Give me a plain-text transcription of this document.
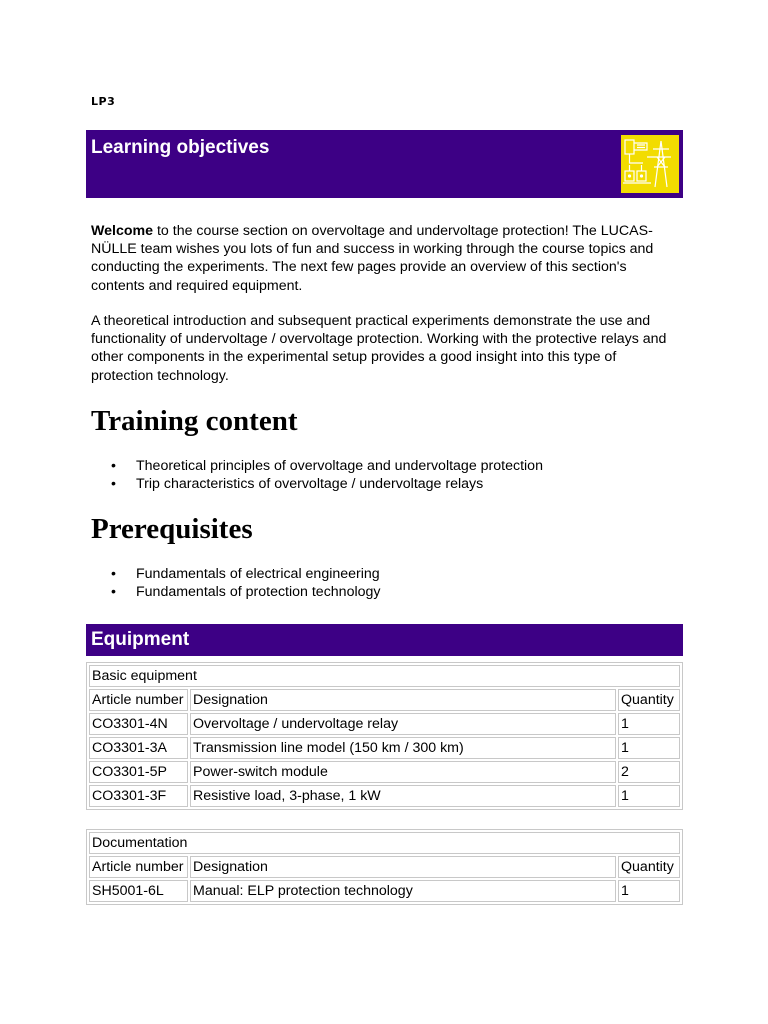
LP3
Learning objectives
Welcome to the course section on overvoltage and undervoltage protection! The LUCAS-NÜLLE team wishes you lots of fun and success in working through the course topics and conducting the experiments. The next few pages provide an overview of this section's contents and required equipment.
A theoretical introduction and subsequent practical experiments demonstrate the use and functionality of undervoltage / overvoltage protection. Working with the protective relays and other components in the experimental setup provides a good insight into this type of protection technology.
Training content
• Theoretical principles of overvoltage and undervoltage protection
• Trip characteristics of overvoltage / undervoltage relays
Prerequisites
• Fundamentals of electrical engineering
• Fundamentals of protection technology
Equipment
Basic equipment		
Article number	Designation	Quantity
CO3301-4N	Overvoltage / undervoltage relay	1
CO3301-3A	Transmission line model (150 km / 300 km)	1
CO3301-5P	Power-switch module	2
CO3301-3F	Resistive load, 3-phase, 1 kW	1
Documentation		
Article number	Designation	Quantity
SH5001-6L	Manual: ELP protection technology	1
